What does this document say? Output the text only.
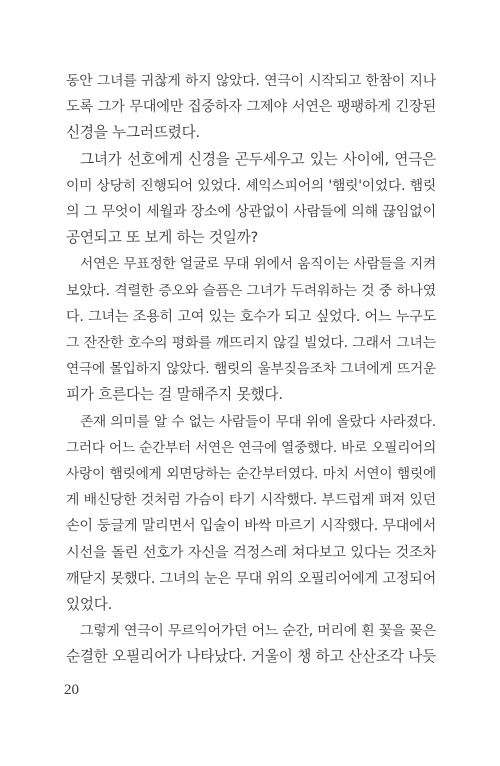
동안 그녀를 귀찮게 하지 않았다. 연극이 시작되고 한참이 지나
도록 그가 무대에만 집중하자 그제야 서연은 팽팽하게 긴장된
신경을 누그러뜨렸다.

그녀가 선호에게 신경을 곤두세우고 있는 사이에, 연극은
이미 상당히 진행되어 있었다. 셰익스피어의 '햄릿'이었다. 햄릿
의 그 무엇이 세월과 장소에 상관없이 사람들에 의해 끊임없이
공연되고 또 보게 하는 것일까?

서연은 무표정한 얼굴로 무대 위에서 움직이는 사람들을 지켜
보았다. 격렬한 증오와 슬픔은 그녀가 두려워하는 것 중 하나였
다. 그녀는 조용히 고여 있는 호수가 되고 싶었다. 어느 누구도
그 잔잔한 호수의 평화를 깨뜨리지 않길 빌었다. 그래서 그녀는
연극에 몰입하지 않았다. 햄릿의 울부짖음조차 그녀에게 뜨거운
피가 흐른다는 걸 말해주지 못했다.

존재 의미를 알 수 없는 사람들이 무대 위에 올랐다 사라졌다.
그러다 어느 순간부터 서연은 연극에 열중했다. 바로 오필리어의
사랑이 햄릿에게 외면당하는 순간부터였다. 마치 서연이 햄릿에
게 배신당한 것처럼 가슴이 타기 시작했다. 부드럽게 펴져 있던
손이 둥글게 말리면서 입술이 바싹 마르기 시작했다. 무대에서
시선을 돌린 선호가 자신을 걱정스레 쳐다보고 있다는 것조차
깨닫지 못했다. 그녀의 눈은 무대 위의 오필리어에게 고정되어
있었다.

그렇게 연극이 무르익어가던 어느 순간, 머리에 흰 꽃을 꽂은
순결한 오필리어가 나타났다. 거울이 챙 하고 산산조각 나듯

20
